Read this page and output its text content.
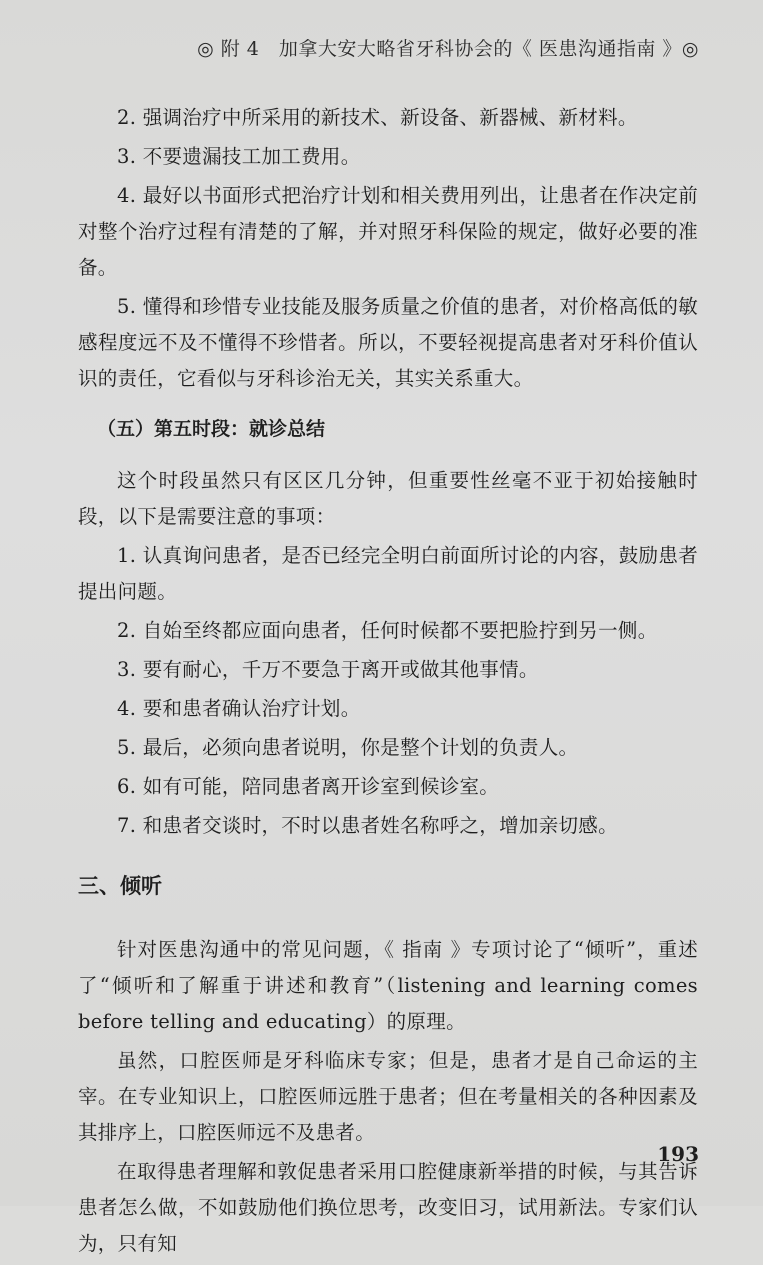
◎ 附 4　加拿大安大略省牙科协会的《 医患沟通指南 》◎

2. 强调治疗中所采用的新技术、新设备、新器械、新材料。

3. 不要遗漏技工加工费用。

4. 最好以书面形式把治疗计划和相关费用列出，让患者在作决定前对整个治疗过程有清楚的了解，并对照牙科保险的规定，做好必要的准备。

5. 懂得和珍惜专业技能及服务质量之价值的患者，对价格高低的敏感程度远不及不懂得不珍惜者。所以，不要轻视提高患者对牙科价值认识的责任，它看似与牙科诊治无关，其实关系重大。

（五）第五时段：就诊总结

这个时段虽然只有区区几分钟，但重要性丝毫不亚于初始接触时段，以下是需要注意的事项：

1. 认真询问患者，是否已经完全明白前面所讨论的内容，鼓励患者提出问题。

2. 自始至终都应面向患者，任何时候都不要把脸拧到另一侧。

3. 要有耐心，千万不要急于离开或做其他事情。

4. 要和患者确认治疗计划。

5. 最后，必须向患者说明，你是整个计划的负责人。

6. 如有可能，陪同患者离开诊室到候诊室。

7. 和患者交谈时，不时以患者姓名称呼之，增加亲切感。

三、倾听

针对医患沟通中的常见问题，《 指南 》专项讨论了“倾听”，重述了“倾听和了解重于讲述和教育”（listening and learning comes before telling and educating）的原理。

虽然，口腔医师是牙科临床专家；但是，患者才是自己命运的主宰。在专业知识上，口腔医师远胜于患者；但在考量相关的各种因素及其排序上，口腔医师远不及患者。

在取得患者理解和敦促患者采用口腔健康新举措的时候，与其告诉患者怎么做，不如鼓励他们换位思考，改变旧习，试用新法。专家们认为，只有知

193
